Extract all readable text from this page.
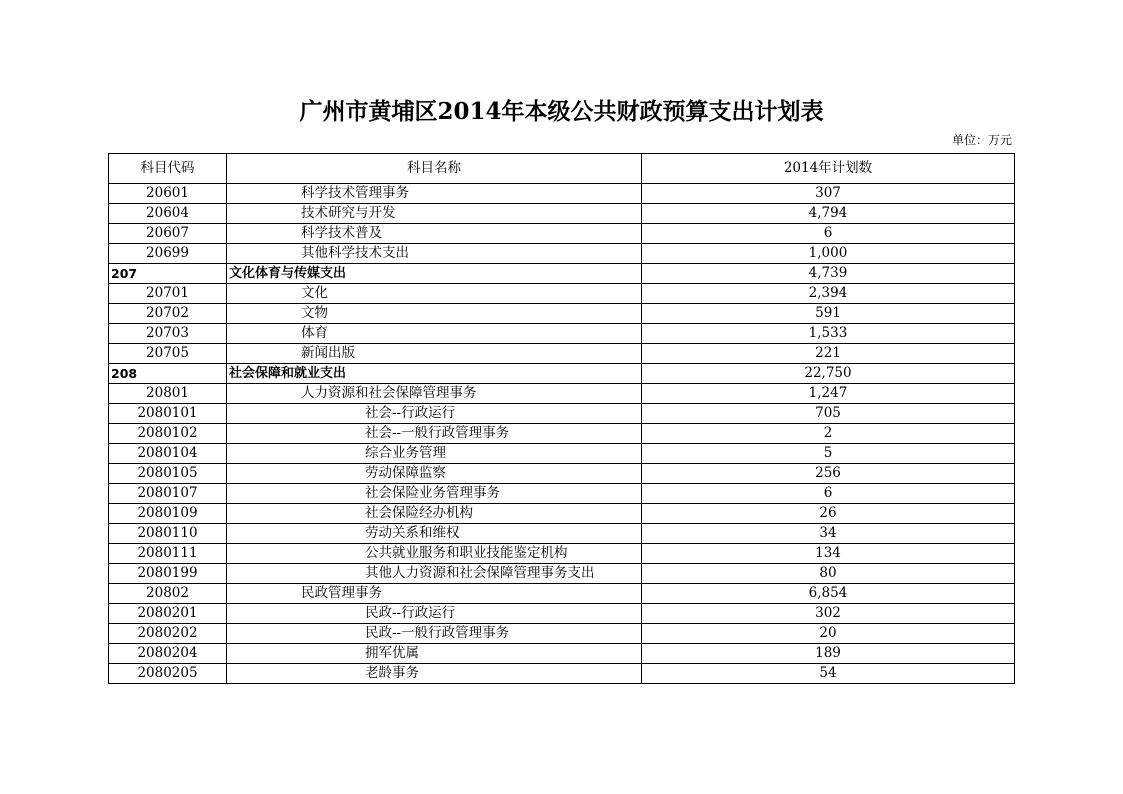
广州市黄埔区2014年本级公共财政预算支出计划表
单位：万元
科目代码	科目名称	2014年计划数
20601	科学技术管理事务	307
20604	技术研究与开发	4,794
20607	科学技术普及	6
20699	其他科学技术支出	1,000
207	文化体育与传媒支出	4,739
20701	文化	2,394
20702	文物	591
20703	体育	1,533
20705	新闻出版	221
208	社会保障和就业支出	22,750
20801	人力资源和社会保障管理事务	1,247
2080101	社会--行政运行	705
2080102	社会--一般行政管理事务	2
2080104	综合业务管理	5
2080105	劳动保障监察	256
2080107	社会保险业务管理事务	6
2080109	社会保险经办机构	26
2080110	劳动关系和维权	34
2080111	公共就业服务和职业技能鉴定机构	134
2080199	其他人力资源和社会保障管理事务支出	80
20802	民政管理事务	6,854
2080201	民政--行政运行	302
2080202	民政--一般行政管理事务	20
2080204	拥军优属	189
2080205	老龄事务	54
